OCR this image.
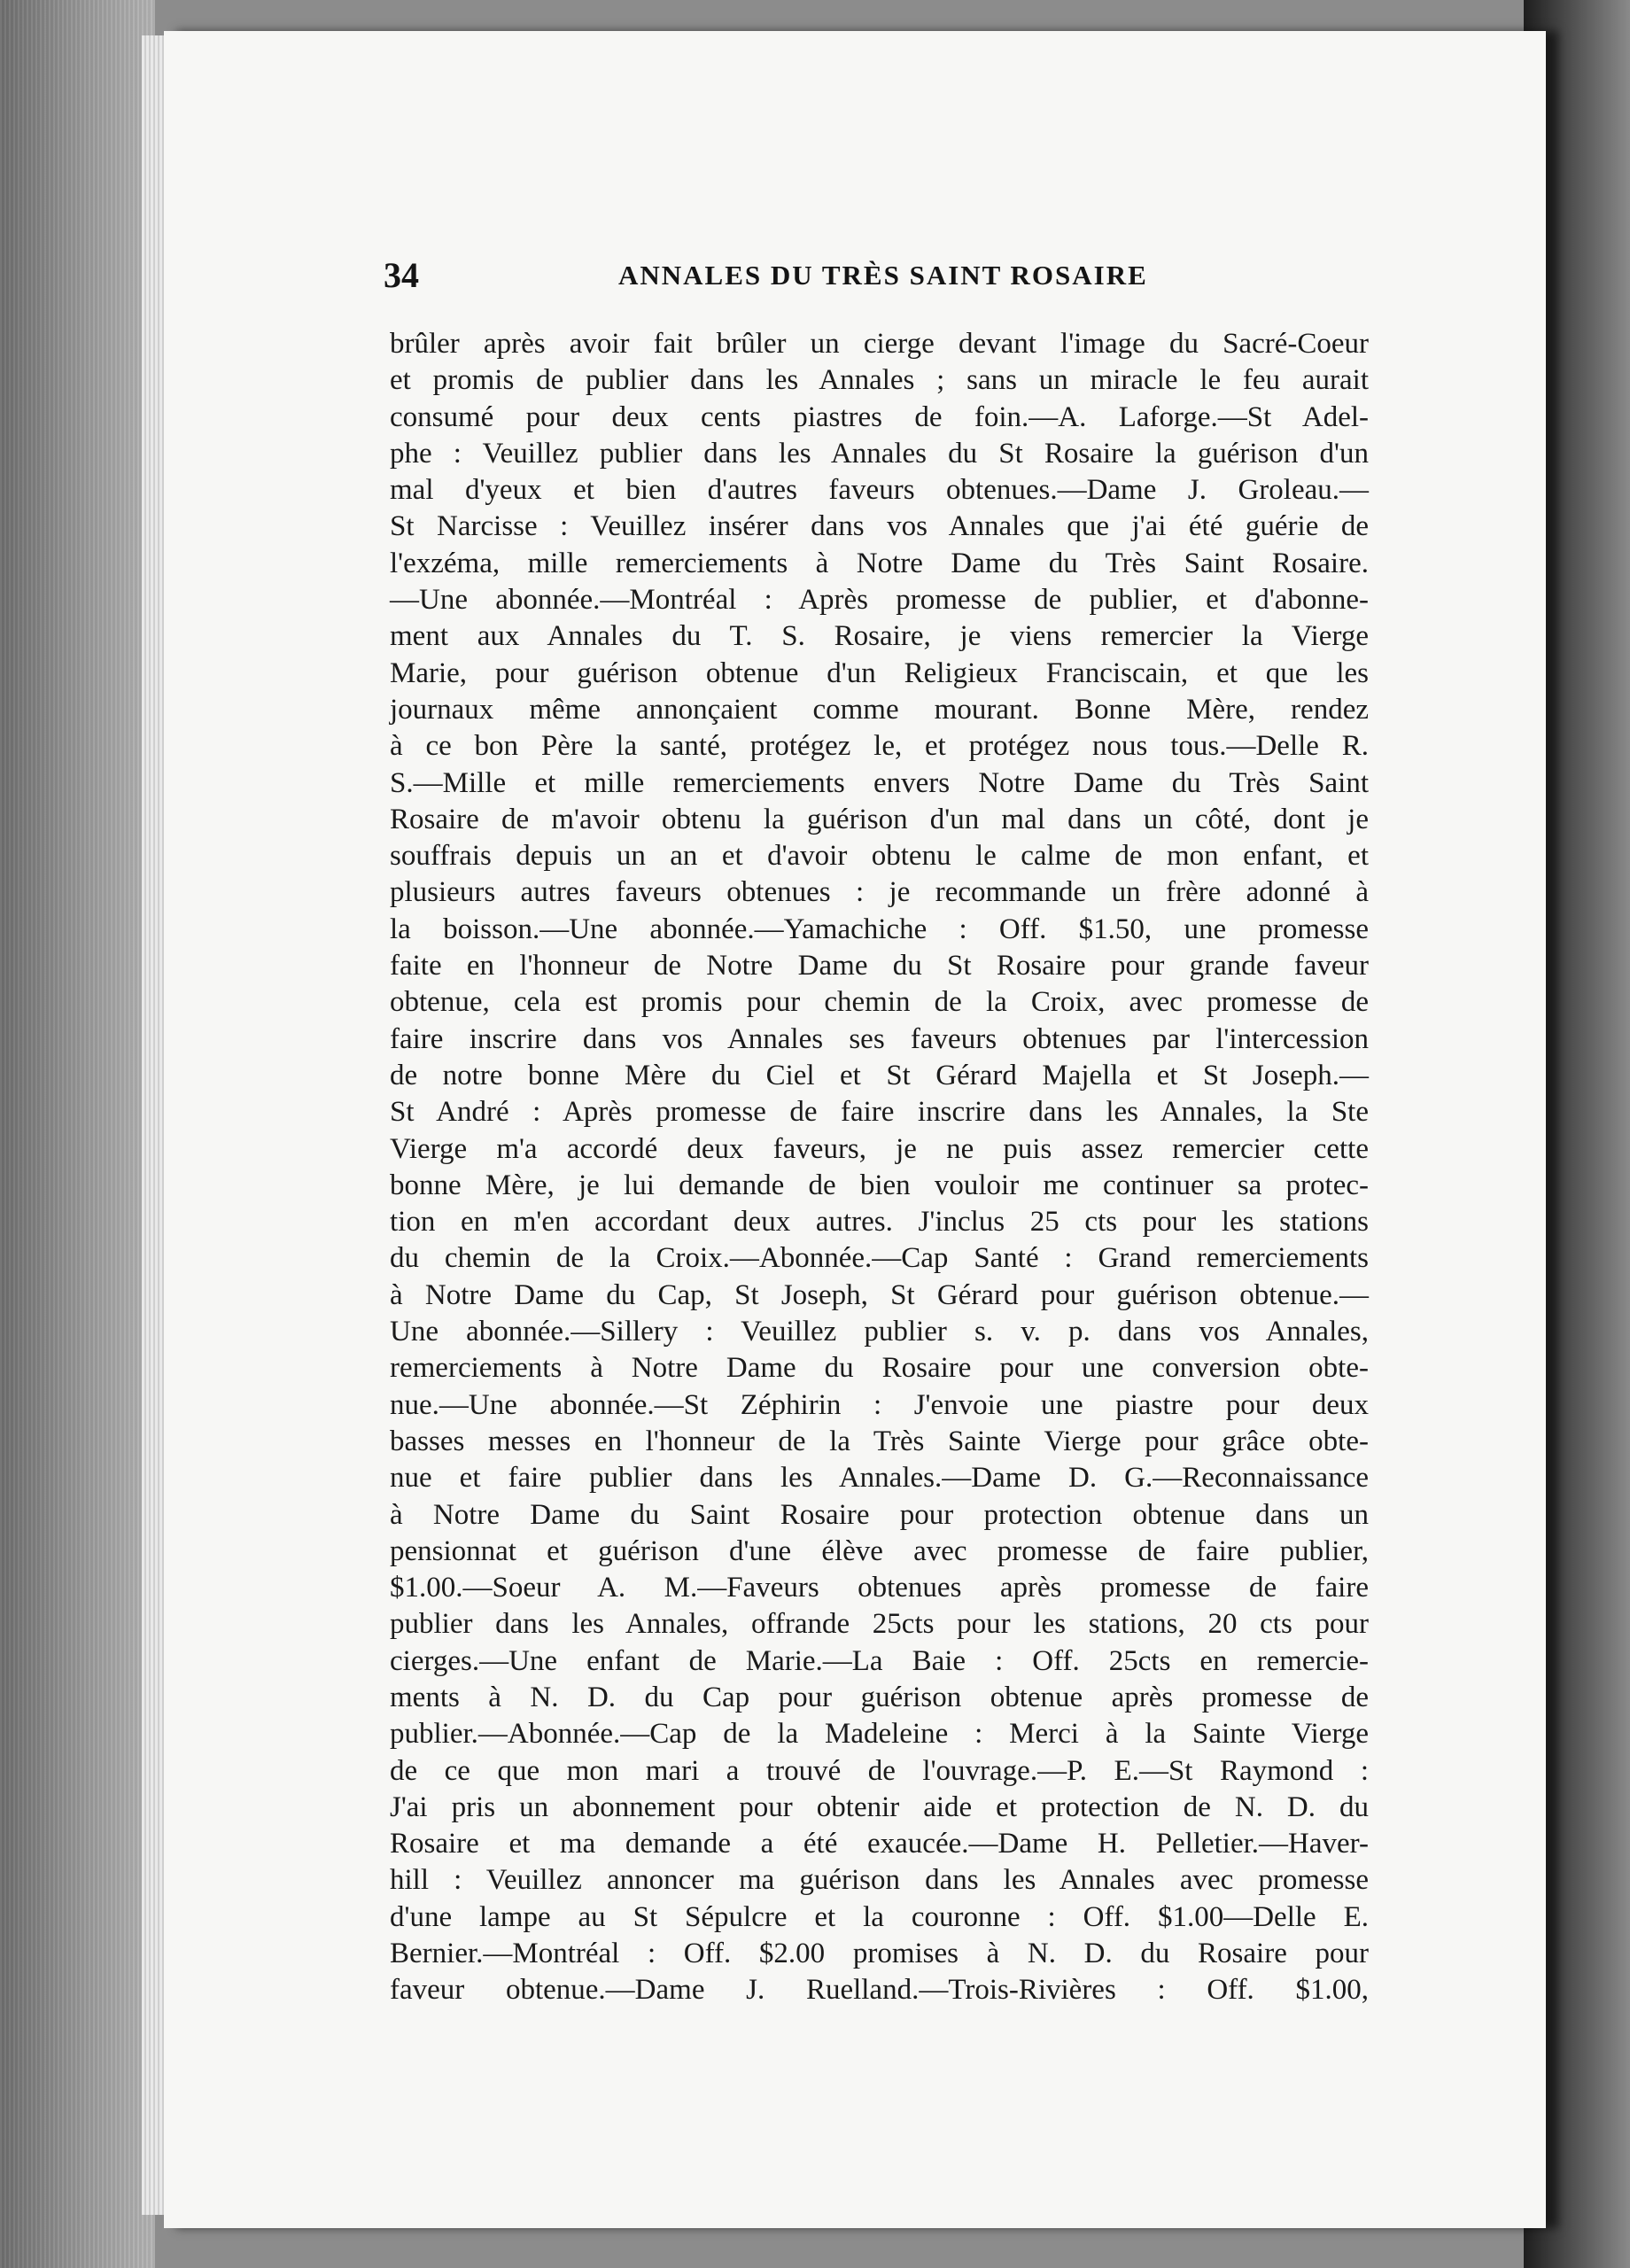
34	ANNALES DU TRÈS SAINT ROSAIRE
brûler après avoir fait brûler un cierge devant l'image du Sacré-Coeur
et promis de publier dans les Annales ; sans un miracle le feu aurait
consumé pour deux cents piastres de foin.—A. Laforge.—St Adel-
phe : Veuillez publier dans les Annales du St Rosaire la guérison d'un
mal d'yeux et bien d'autres faveurs obtenues.—Dame J. Groleau.—
St Narcisse : Veuillez insérer dans vos Annales que j'ai été guérie de
l'exzéma, mille remerciements à Notre Dame du Très Saint Rosaire.
—Une abonnée.—Montréal : Après promesse de publier, et d'abonne-
ment aux Annales du T. S. Rosaire, je viens remercier la Vierge
Marie, pour guérison obtenue d'un Religieux Franciscain, et que les
journaux même annonçaient comme mourant. Bonne Mère, rendez
à ce bon Père la santé, protégez le, et protégez nous tous.—Delle R.
S.—Mille et mille remerciements envers Notre Dame du Très Saint
Rosaire de m'avoir obtenu la guérison d'un mal dans un côté, dont je
souffrais depuis un an et d'avoir obtenu le calme de mon enfant, et
plusieurs autres faveurs obtenues : je recommande un frère adonné à
la boisson.—Une abonnée.—Yamachiche : Off. $1.50, une promesse
faite en l'honneur de Notre Dame du St Rosaire pour grande faveur
obtenue, cela est promis pour chemin de la Croix, avec promesse de
faire inscrire dans vos Annales ses faveurs obtenues par l'intercession
de notre bonne Mère du Ciel et St Gérard Majella et St Joseph.—
St André : Après promesse de faire inscrire dans les Annales, la Ste
Vierge m'a accordé deux faveurs, je ne puis assez remercier cette
bonne Mère, je lui demande de bien vouloir me continuer sa protec-
tion en m'en accordant deux autres. J'inclus 25 cts pour les stations
du chemin de la Croix.—Abonnée.—Cap Santé : Grand remerciements
à Notre Dame du Cap, St Joseph, St Gérard pour guérison obtenue.—
Une abonnée.—Sillery : Veuillez publier s. v. p. dans vos Annales,
remerciements à Notre Dame du Rosaire pour une conversion obte-
nue.—Une abonnée.—St Zéphirin : J'envoie une piastre pour deux
basses messes en l'honneur de la Très Sainte Vierge pour grâce obte-
nue et faire publier dans les Annales.—Dame D. G.—Reconnaissance
à Notre Dame du Saint Rosaire pour protection obtenue dans un
pensionnat et guérison d'une élève avec promesse de faire publier,
$1.00.—Soeur A. M.—Faveurs obtenues après promesse de faire
publier dans les Annales, offrande 25cts pour les stations, 20 cts pour
cierges.—Une enfant de Marie.—La Baie : Off. 25cts en remercie-
ments à N. D. du Cap pour guérison obtenue après promesse de
publier.—Abonnée.—Cap de la Madeleine : Merci à la Sainte Vierge
de ce que mon mari a trouvé de l'ouvrage.—P. E.—St Raymond :
J'ai pris un abonnement pour obtenir aide et protection de N. D. du
Rosaire et ma demande a été exaucée.—Dame H. Pelletier.—Haver-
hill : Veuillez annoncer ma guérison dans les Annales avec promesse
d'une lampe au St Sépulcre et la couronne : Off. $1.00—Delle E.
Bernier.—Montréal : Off. $2.00 promises à N. D. du Rosaire pour
faveur obtenue.—Dame J. Ruelland.—Trois-Rivières : Off. $1.00,
